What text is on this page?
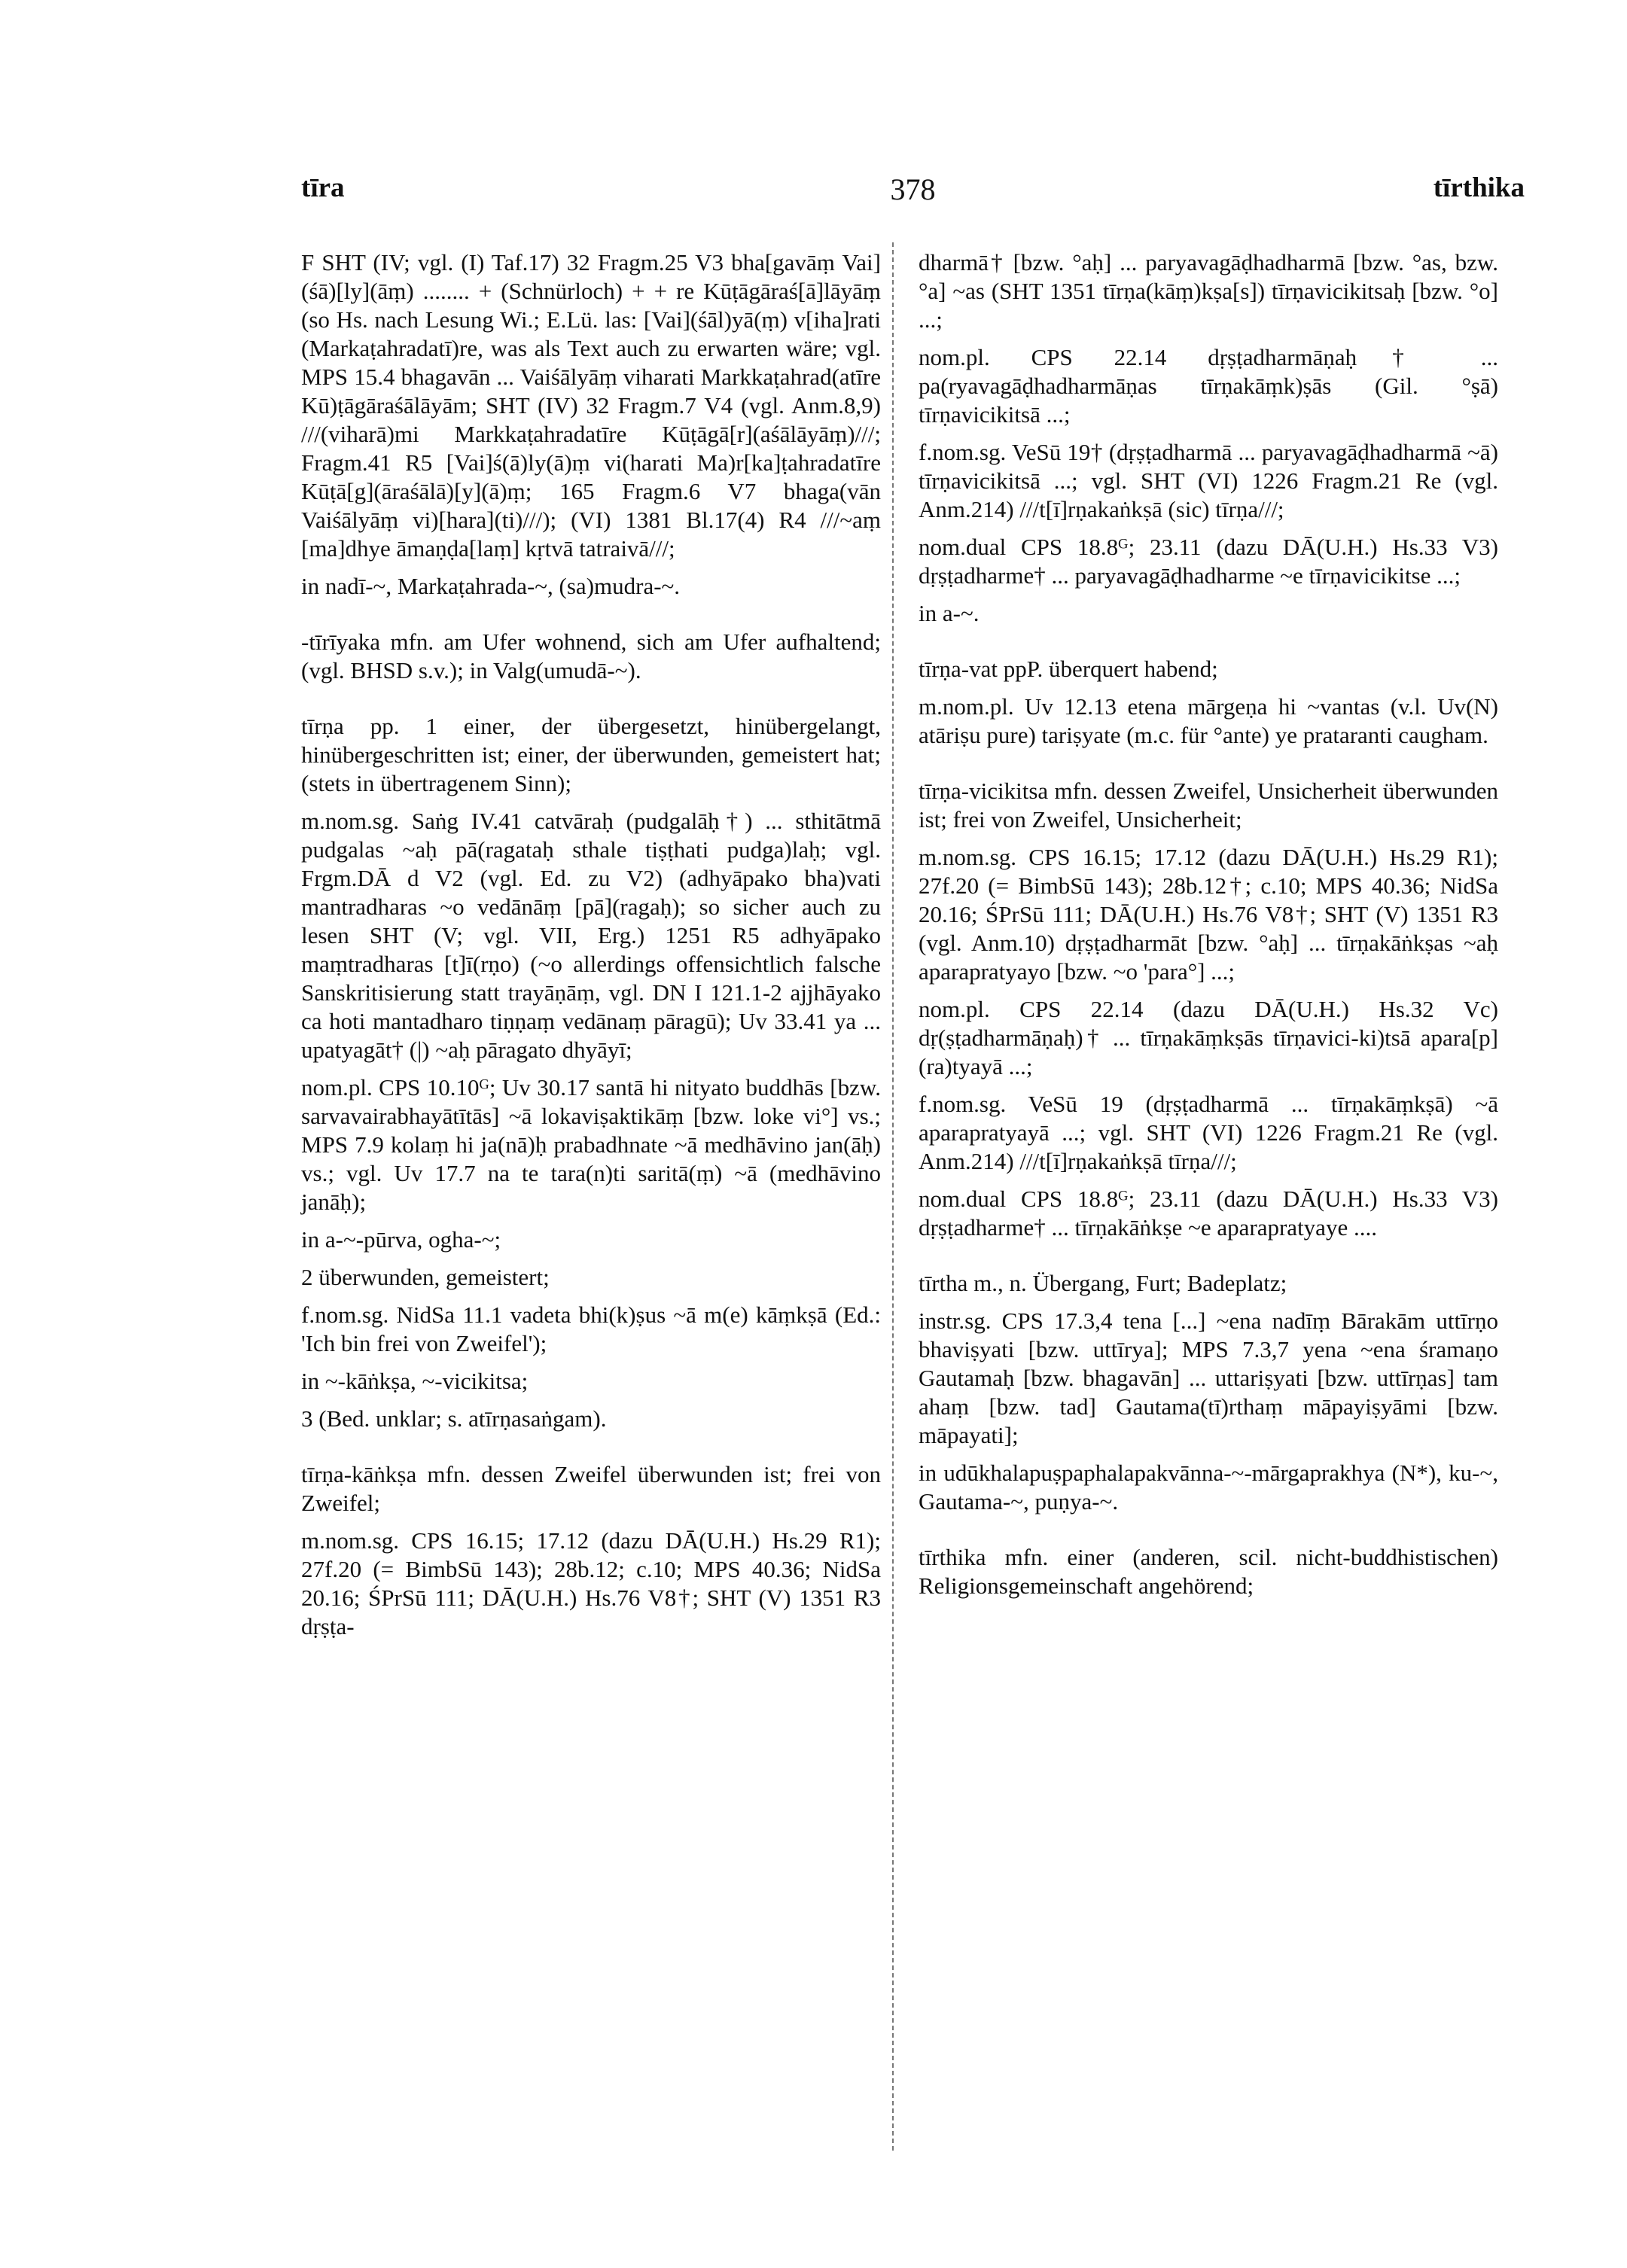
tīra	378	tīrthika

F SHT (IV; vgl. (I) Taf.17) 32 Fragm.25 V3 bha[gavāṃ Vai](śā)[ly](āṃ) ........ + (Schnürloch) + + re Kūṭāgāraś[ā]lāyāṃ (so Hs. nach Lesung Wi.; E.Lü. las: [Vai](śāl)yā(ṃ) v[iha]rati (Markaṭahradatī)re, was als Text auch zu erwarten wäre; vgl. MPS 15.4 bhagavān ... Vaiśālyāṃ viharati Markkaṭahrad(atīre Kū)ṭāgāraśālāyām; SHT (IV) 32 Fragm.7 V4 (vgl. Anm.8,9) ///(viharā)mi Markkaṭahradatīre Kūṭāgā[r](aśālāyāṃ)///; Fragm.41 R5 [Vai]ś(ā)ly(ā)ṃ vi(harati Ma)r[ka]ṭahradatīre Kūṭā[g](āraśālā)[y](ā)ṃ; 165 Fragm.6 V7 bhaga(vān Vaiśālyāṃ vi)[hara](ti)///); (VI) 1381 Bl.17(4) R4 ///~aṃ [ma]dhye āmaṇḍa[laṃ] kṛtvā tatraivā///;

in nadī-~, Markaṭahrada-~, (sa)mudra-~.

-tīrīyaka mfn. am Ufer wohnend, sich am Ufer aufhaltend; (vgl. BHSD s.v.); in Valg(umudā-~).

tīrṇa pp. 1 einer, der übergesetzt, hinübergelangt, hinübergeschritten ist; einer, der überwunden, gemeistert hat; (stets in übertragenem Sinn);

m.nom.sg. Saṅg IV.41 catvāraḥ (pudgalāḥ†) ... sthitātmā pudgalas ~aḥ pā(ragataḥ sthale tiṣṭhati pudga)laḥ; vgl. Frgm.DĀ d V2 (vgl. Ed. zu V2) (adhyāpako bha)vati mantradharas ~o vedānāṃ [pā](ragaḥ); so sicher auch zu lesen SHT (V; vgl. VII, Erg.) 1251 R5 adhyāpako maṃtradharas [t]ī(rṇo) (~o allerdings offensichtlich falsche Sanskritisierung statt trayāṇāṃ, vgl. DN I 121.1-2 ajjhāyako ca hoti mantadharo tiṇṇaṃ vedānaṃ pāragū); Uv 33.41 ya ... upatyagāt† (|) ~aḥ pāragato dhyāyī;

nom.pl. CPS 10.10ᴳ; Uv 30.17 santā hi nityato buddhās [bzw. sarvavairabhayātītās] ~ā lokaviṣaktikāṃ [bzw. loke vi°] vs.; MPS 7.9 kolaṃ hi ja(nā)ḥ prabadhnate ~ā medhāvino jan(āḥ) vs.; vgl. Uv 17.7 na te tara(n)ti saritā(ṃ) ~ā (medhāvino janāḥ);

in a-~-pūrva, ogha-~;

2 überwunden, gemeistert;

f.nom.sg. NidSa 11.1 vadeta bhi(k)ṣus ~ā m(e) kāṃkṣā (Ed.: 'Ich bin frei von Zweifel');

in ~-kāṅkṣa, ~-vicikitsa;

3 (Bed. unklar; s. atīrṇasaṅgam).

tīrṇa-kāṅkṣa mfn. dessen Zweifel überwunden ist; frei von Zweifel;

m.nom.sg. CPS 16.15; 17.12 (dazu DĀ(U.H.) Hs.29 R1); 27f.20 (= BimbSū 143); 28b.12; c.10; MPS 40.36; NidSa 20.16; ŚPrSū 111; DĀ(U.H.) Hs.76 V8†; SHT (V) 1351 R3 dṛṣṭa-

dharmā† [bzw. °aḥ] ... paryavagāḍhadharmā [bzw. °as, bzw. °a] ~as (SHT 1351 tīrṇa(kāṃ)kṣa[s]) tīrṇavicikitsaḥ [bzw. °o] ...;

nom.pl. CPS 22.14 dṛṣṭadharmāṇaḥ† ... pa(ryavagāḍhadharmāṇas tīrṇakāṃk)ṣās (Gil. °ṣā) tīrṇavicikitsā ...;

f.nom.sg. VeSū 19† (dṛṣṭadharmā ... paryavagāḍhadharmā ~ā) tīrṇavicikitsā ...; vgl. SHT (VI) 1226 Fragm.21 Re (vgl. Anm.214) ///t[ī]rṇakaṅkṣā (sic) tīrṇa///;

nom.dual CPS 18.8ᴳ; 23.11 (dazu DĀ(U.H.) Hs.33 V3) dṛṣṭadharme† ... paryavagāḍhadharme ~e tīrṇavicikitse ...;

in a-~.

tīrṇa-vat ppP. überquert habend;

m.nom.pl. Uv 12.13 etena mārgeṇa hi ~vantas (v.l. Uv(N) atāriṣu pure) tariṣyate (m.c. für °ante) ye prataranti caugham.

tīrṇa-vicikitsa mfn. dessen Zweifel, Unsicherheit überwunden ist; frei von Zweifel, Unsicherheit;

m.nom.sg. CPS 16.15; 17.12 (dazu DĀ(U.H.) Hs.29 R1); 27f.20 (= BimbSū 143); 28b.12†; c.10; MPS 40.36; NidSa 20.16; ŚPrSū 111; DĀ(U.H.) Hs.76 V8†; SHT (V) 1351 R3 (vgl. Anm.10) dṛṣṭadharmāt [bzw. °aḥ] ... tīrṇakāṅkṣas ~aḥ aparapratyayo [bzw. ~o 'para°] ...;

nom.pl. CPS 22.14 (dazu DĀ(U.H.) Hs.32 Vc) dṛ(ṣṭadharmāṇaḥ)† ... tīrṇakāṃkṣās tīrṇavici-ki)tsā apara[p](ra)tyayā ...;

f.nom.sg. VeSū 19 (dṛṣṭadharmā ... tīrṇakāṃkṣā) ~ā aparapratyayā ...; vgl. SHT (VI) 1226 Fragm.21 Re (vgl. Anm.214) ///t[ī]rṇakaṅkṣā tīrṇa///;

nom.dual CPS 18.8ᴳ; 23.11 (dazu DĀ(U.H.) Hs.33 V3) dṛṣṭadharme† ... tīrṇakāṅkṣe ~e aparapratyaye ....

tīrtha m., n. Übergang, Furt; Badeplatz;

instr.sg. CPS 17.3,4 tena [...] ~ena nadīṃ Bārakām uttīrṇo bhaviṣyati [bzw. uttīrya]; MPS 7.3,7 yena ~ena śramaṇo Gautamaḥ [bzw. bhagavān] ... uttariṣyati [bzw. uttīrṇas] tam ahaṃ [bzw. tad] Gautama(tī)rthaṃ māpayiṣyāmi [bzw. māpayati];

in udūkhalapuṣpaphalapakvānna-~-mārgaprakhya (N*), ku-~, Gautama-~, puṇya-~.

tīrthika mfn. einer (anderen, scil. nicht-buddhistischen) Religionsgemeinschaft angehörend;
